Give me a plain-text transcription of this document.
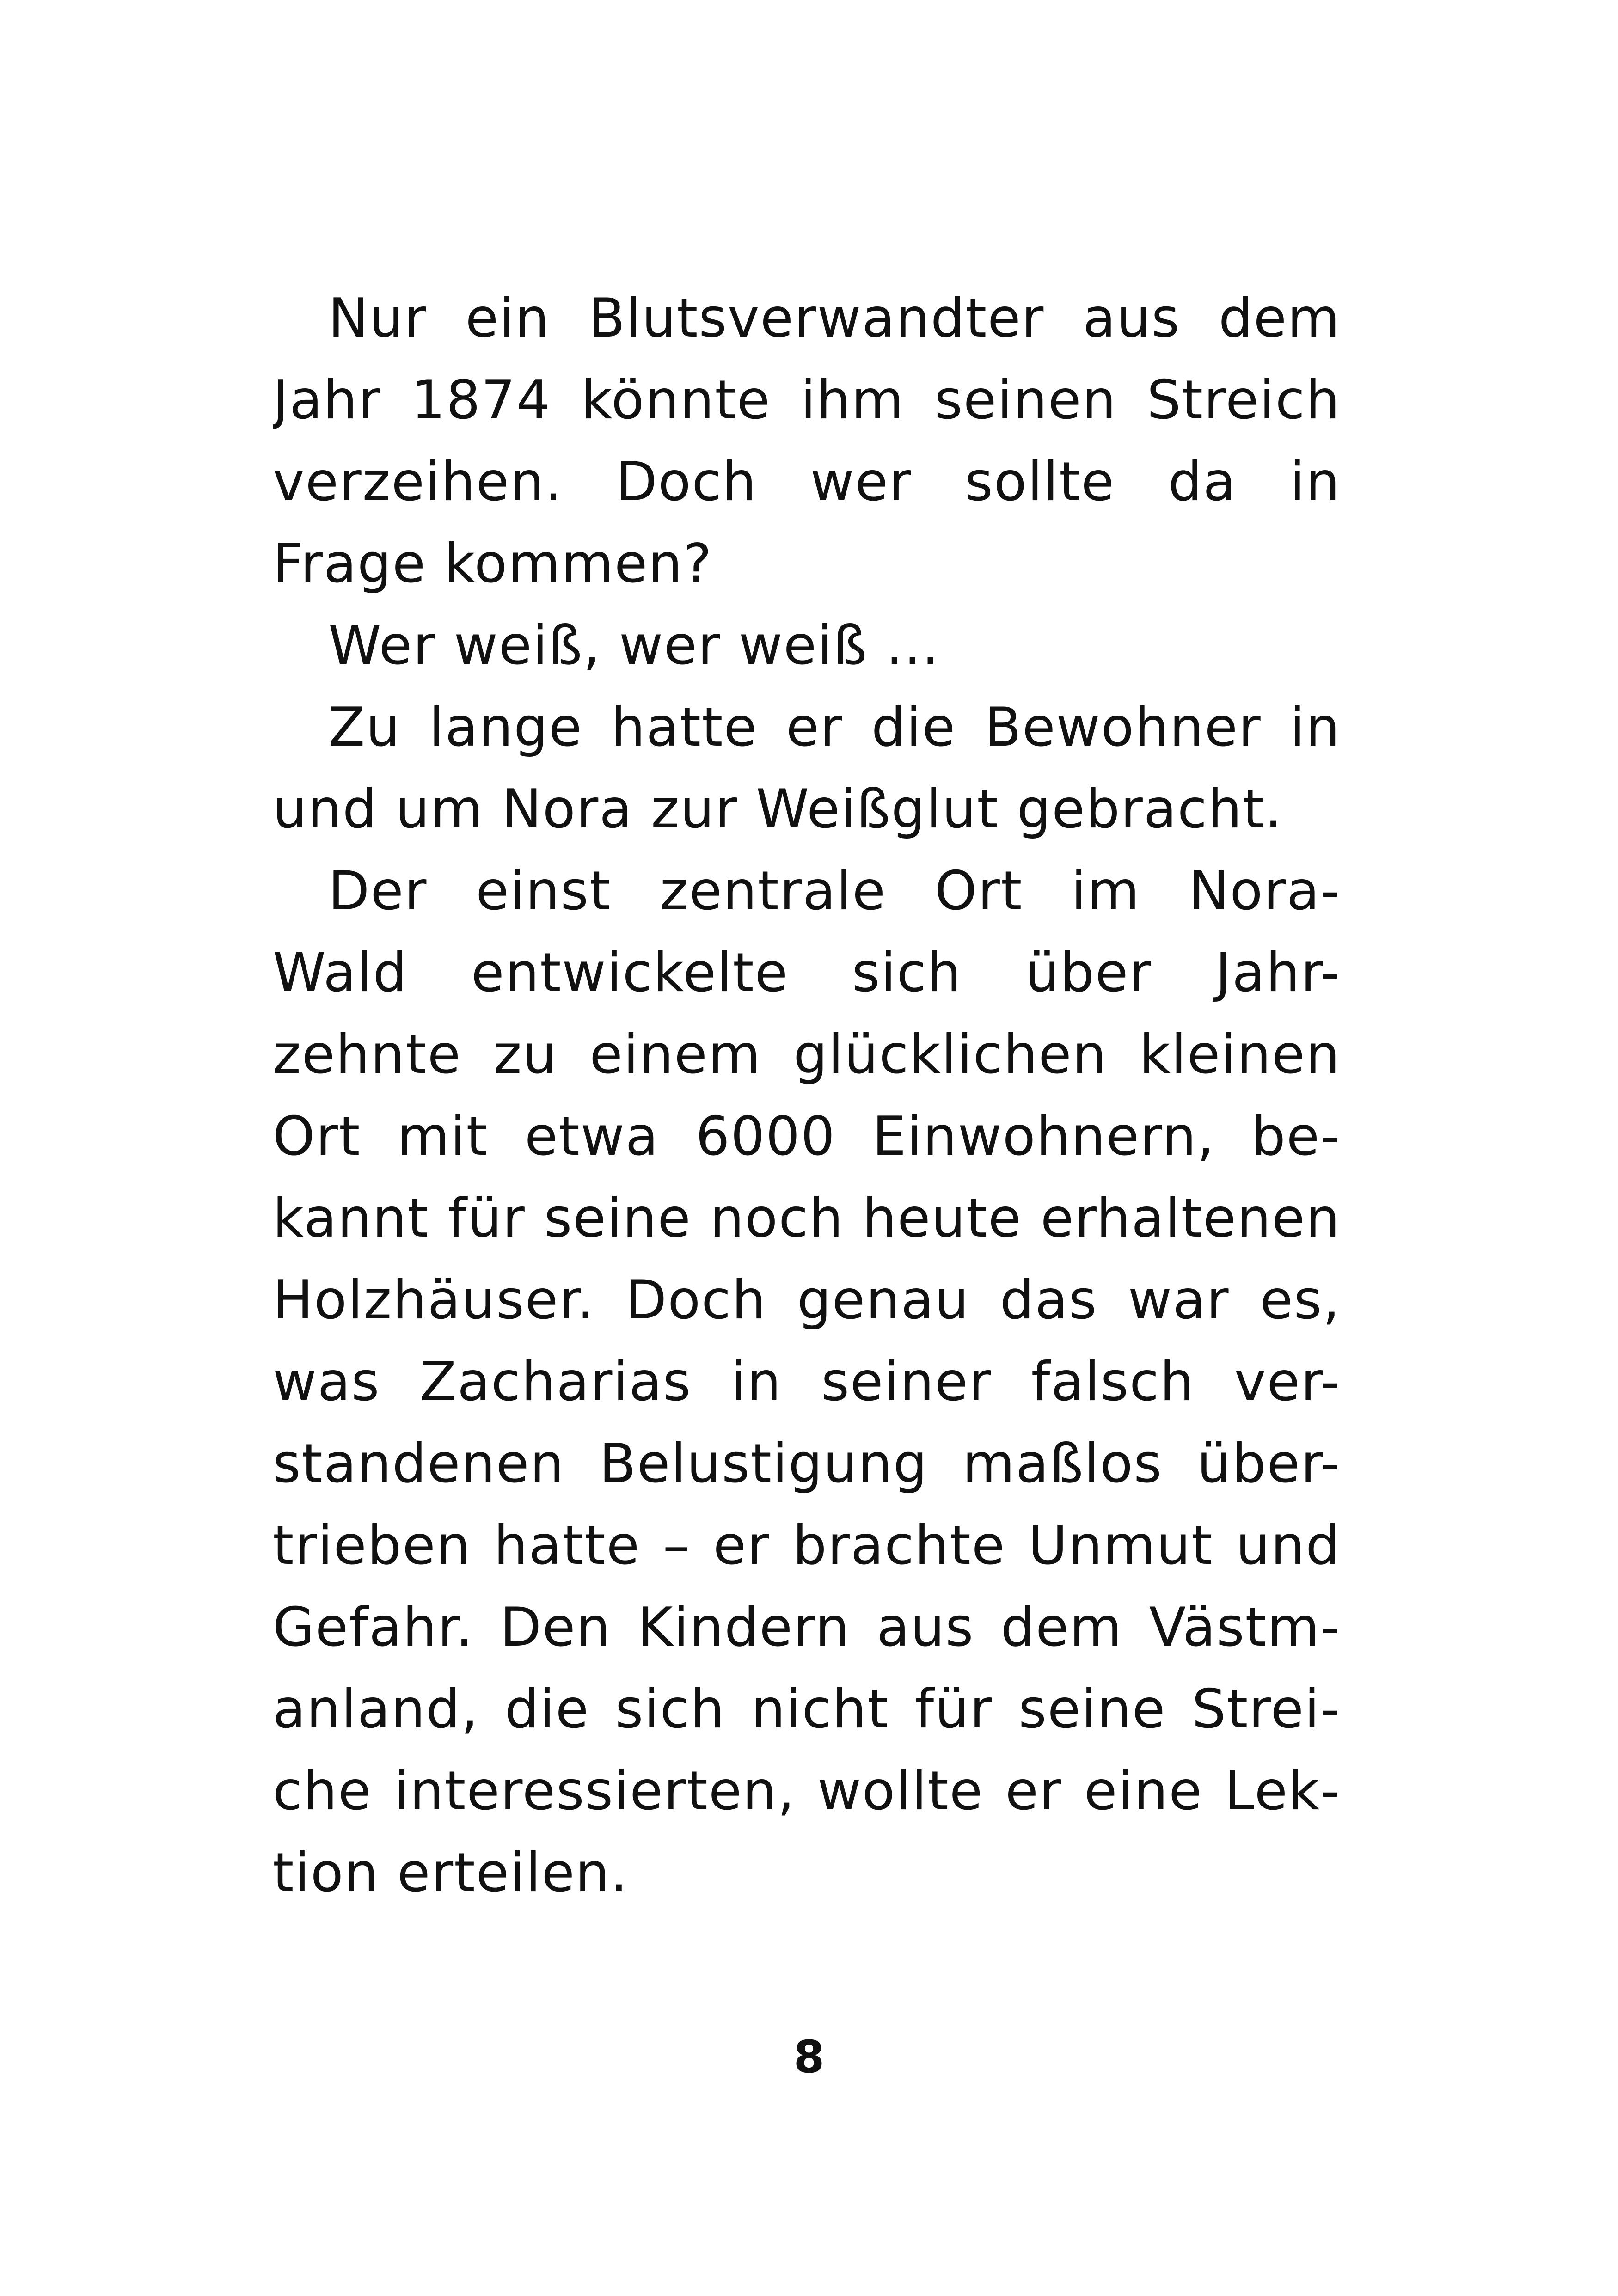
Nur ein Blutsverwandter aus dem
Jahr 1874 könnte ihm seinen Streich
verzeihen. Doch wer sollte da in
Frage kommen?
Wer weiß, wer weiß ...
Zu lange hatte er die Bewohner in
und um Nora zur Weißglut gebracht.
Der einst zentrale Ort im Nora-
Wald entwickelte sich über Jahr-
zehnte zu einem glücklichen kleinen
Ort mit etwa 6000 Einwohnern, be-
kannt für seine noch heute erhaltenen
Holzhäuser. Doch genau das war es,
was Zacharias in seiner falsch ver-
standenen Belustigung maßlos über-
trieben hatte – er brachte Unmut und
Gefahr. Den Kindern aus dem Västm-
anland, die sich nicht für seine Strei-
che interessierten, wollte er eine Lek-
tion erteilen.
8
